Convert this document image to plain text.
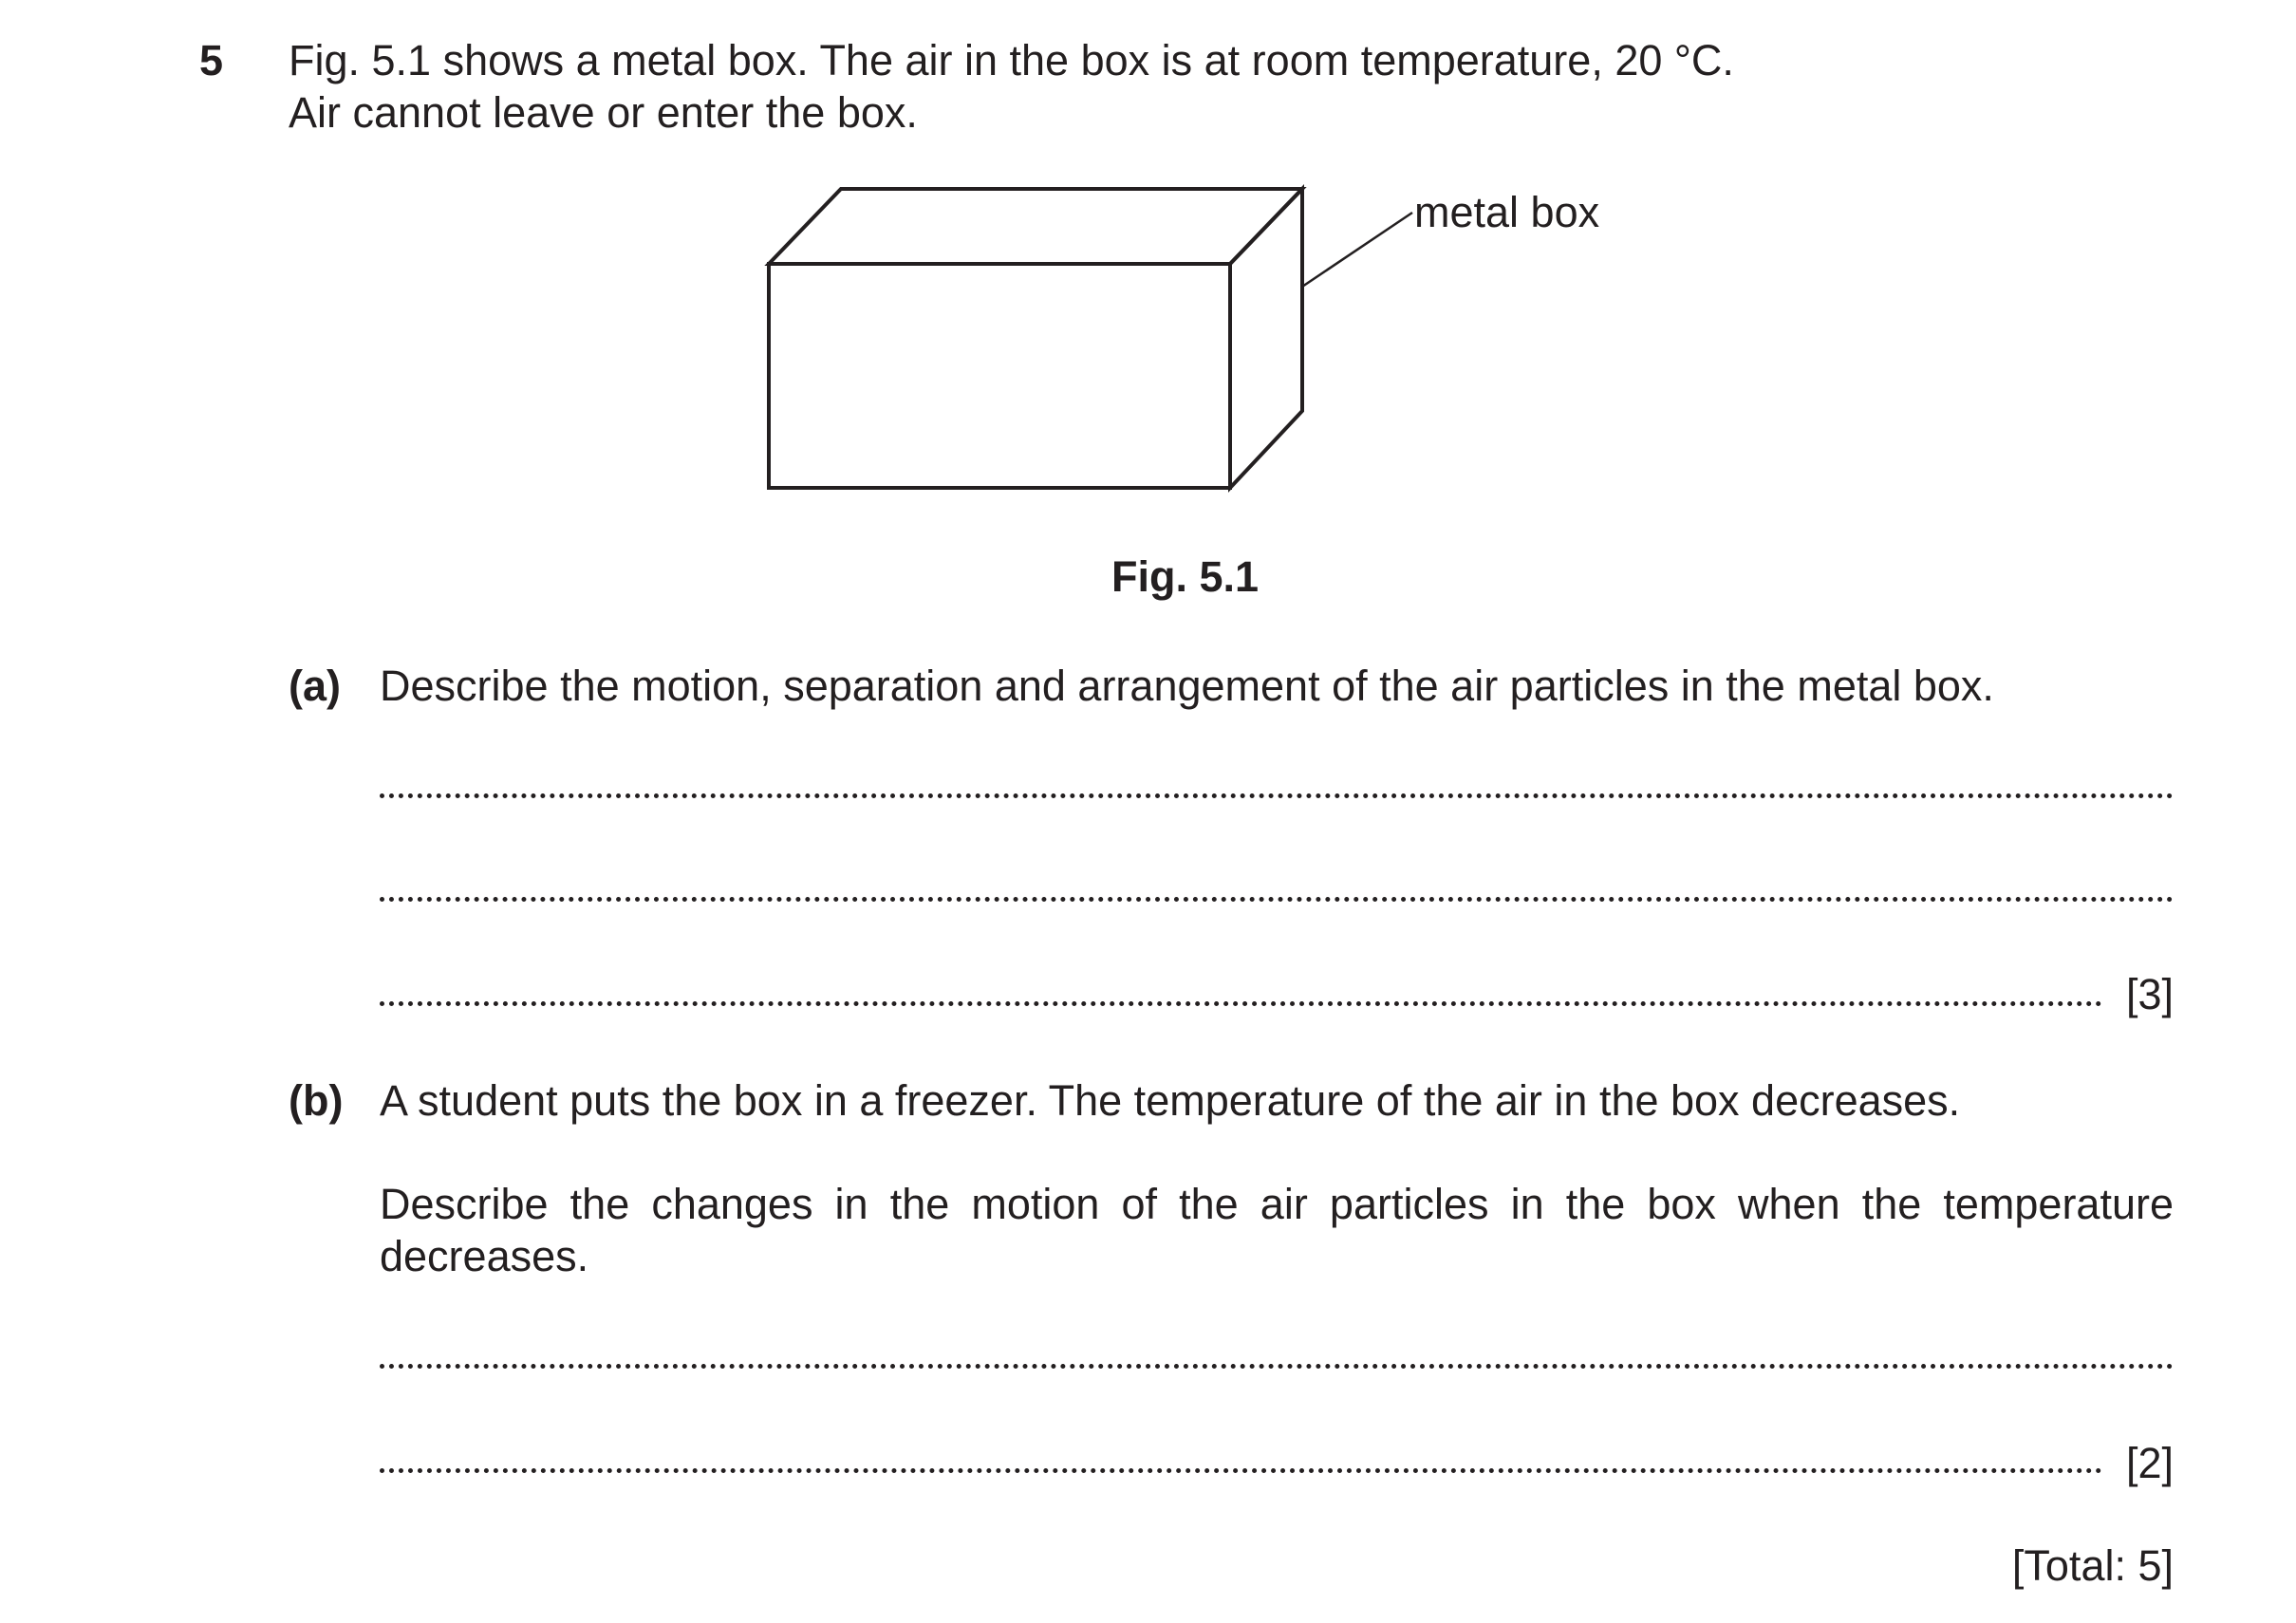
5 Fig. 5.1 shows a metal box. The air in the box is at room temperature, 20 °C.
Air cannot leave or enter the box.
metal box
Fig. 5.1
(a) Describe the motion, separation and arrangement of the air particles in the metal box.
[3]
(b) A student puts the box in a freezer. The temperature of the air in the box decreases.
Describe the changes in the motion of the air particles in the box when the temperature decreases.
[2]
[Total: 5]
